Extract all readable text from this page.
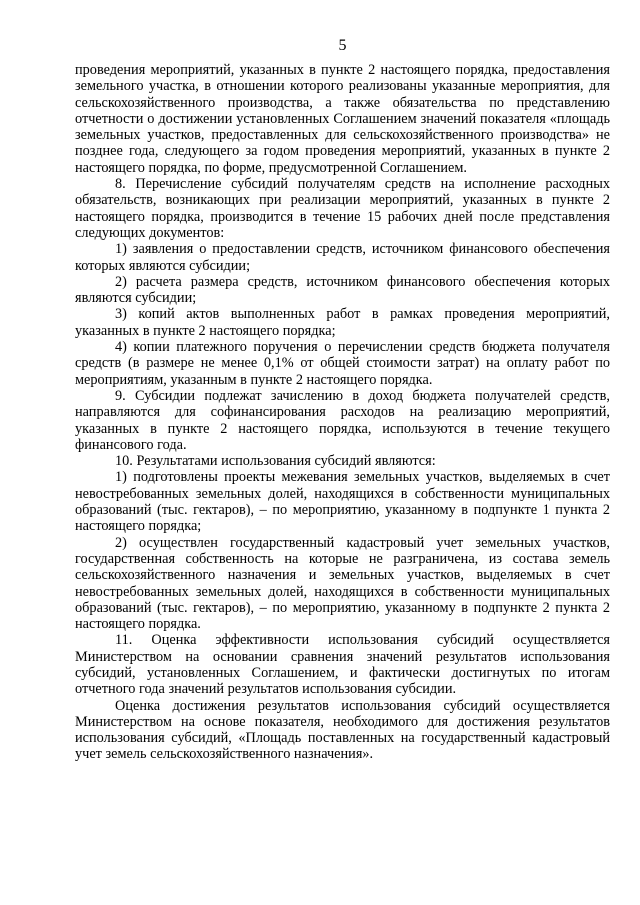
5

проведения мероприятий, указанных в пункте 2 настоящего порядка, предоставления земельного участка, в отношении которого реализованы указанные мероприятия, для сельскохозяйственного производства, а также обязательства по представлению отчетности о достижении установленных Соглашением значений показателя «площадь земельных участков, предоставленных для сельскохозяйственного производства» не позднее года, следующего за годом проведения мероприятий, указанных в пункте 2 настоящего порядка, по форме, предусмотренной Соглашением.

8. Перечисление субсидий получателям средств на исполнение расходных обязательств, возникающих при реализации мероприятий, указанных в пункте 2 настоящего порядка, производится в течение 15 рабочих дней после представления следующих документов:

1) заявления о предоставлении средств, источником финансового обеспечения которых являются субсидии;

2) расчета размера средств, источником финансового обеспечения которых являются субсидии;

3) копий актов выполненных работ в рамках проведения мероприятий, указанных в пункте 2 настоящего порядка;

4) копии платежного поручения о перечислении средств бюджета получателя средств (в размере не менее 0,1% от общей стоимости затрат) на оплату работ по мероприятиям, указанным в пункте 2 настоящего порядка.

9. Субсидии подлежат зачислению в доход бюджета получателей средств, направляются для софинансирования расходов на реализацию мероприятий, указанных в пункте 2 настоящего порядка, используются в течение текущего финансового года.

10. Результатами использования субсидий являются:

1) подготовлены проекты межевания земельных участков, выделяемых в счет невостребованных земельных долей, находящихся в собственности муниципальных образований (тыс. гектаров), – по мероприятию, указанному в подпункте 1 пункта 2 настоящего порядка;

2) осуществлен государственный кадастровый учет земельных участков, государственная собственность на которые не разграничена, из состава земель сельскохозяйственного назначения и земельных участков, выделяемых в счет невостребованных земельных долей, находящихся в собственности муниципальных образований (тыс. гектаров), – по мероприятию, указанному в подпункте 2 пункта 2 настоящего порядка.

11. Оценка эффективности использования субсидий осуществляется Министерством на основании сравнения значений результатов использования субсидий, установленных Соглашением, и фактически достигнутых по итогам отчетного года значений результатов использования субсидии.

Оценка достижения результатов использования субсидий осуществляется Министерством на основе показателя, необходимого для достижения результатов использования субсидий, «Площадь поставленных на государственный кадастровый учет земель сельскохозяйственного назначения».
